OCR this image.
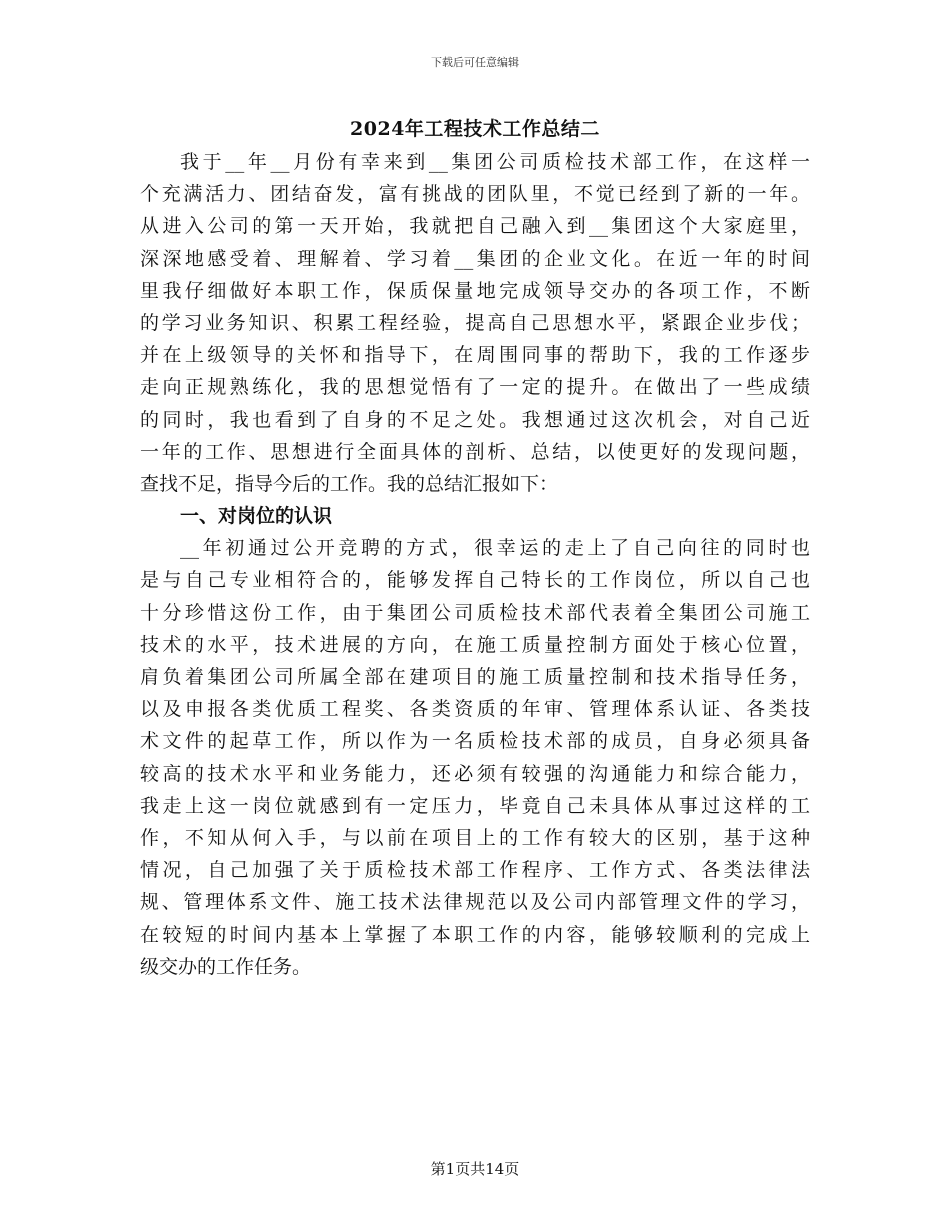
下载后可任意编辑
2024年工程技术工作总结二
我于__年__月份有幸来到__集团公司质检技术部工作，在这样一
个充满活力、团结奋发，富有挑战的团队里，不觉已经到了新的一年。
从进入公司的第一天开始，我就把自己融入到__集团这个大家庭里，
深深地感受着、理解着、学习着__集团的企业文化。在近一年的时间
里我仔细做好本职工作，保质保量地完成领导交办的各项工作，不断
的学习业务知识、积累工程经验，提高自己思想水平，紧跟企业步伐；
并在上级领导的关怀和指导下，在周围同事的帮助下，我的工作逐步
走向正规熟练化，我的思想觉悟有了一定的提升。在做出了一些成绩
的同时，我也看到了自身的不足之处。我想通过这次机会，对自己近
一年的工作、思想进行全面具体的剖析、总结，以使更好的发现问题，
查找不足，指导今后的工作。我的总结汇报如下：
一、对岗位的认识
__年初通过公开竞聘的方式，很幸运的走上了自己向往的同时也
是与自己专业相符合的，能够发挥自己特长的工作岗位，所以自己也
十分珍惜这份工作，由于集团公司质检技术部代表着全集团公司施工
技术的水平，技术进展的方向，在施工质量控制方面处于核心位置，
肩负着集团公司所属全部在建项目的施工质量控制和技术指导任务，
以及申报各类优质工程奖、各类资质的年审、管理体系认证、各类技
术文件的起草工作，所以作为一名质检技术部的成员，自身必须具备
较高的技术水平和业务能力，还必须有较强的沟通能力和综合能力，
我走上这一岗位就感到有一定压力，毕竟自己未具体从事过这样的工
作，不知从何入手，与以前在项目上的工作有较大的区别，基于这种
情况，自己加强了关于质检技术部工作程序、工作方式、各类法律法
规、管理体系文件、施工技术法律规范以及公司内部管理文件的学习，
在较短的时间内基本上掌握了本职工作的内容，能够较顺利的完成上
级交办的工作任务。
第1页共14页
